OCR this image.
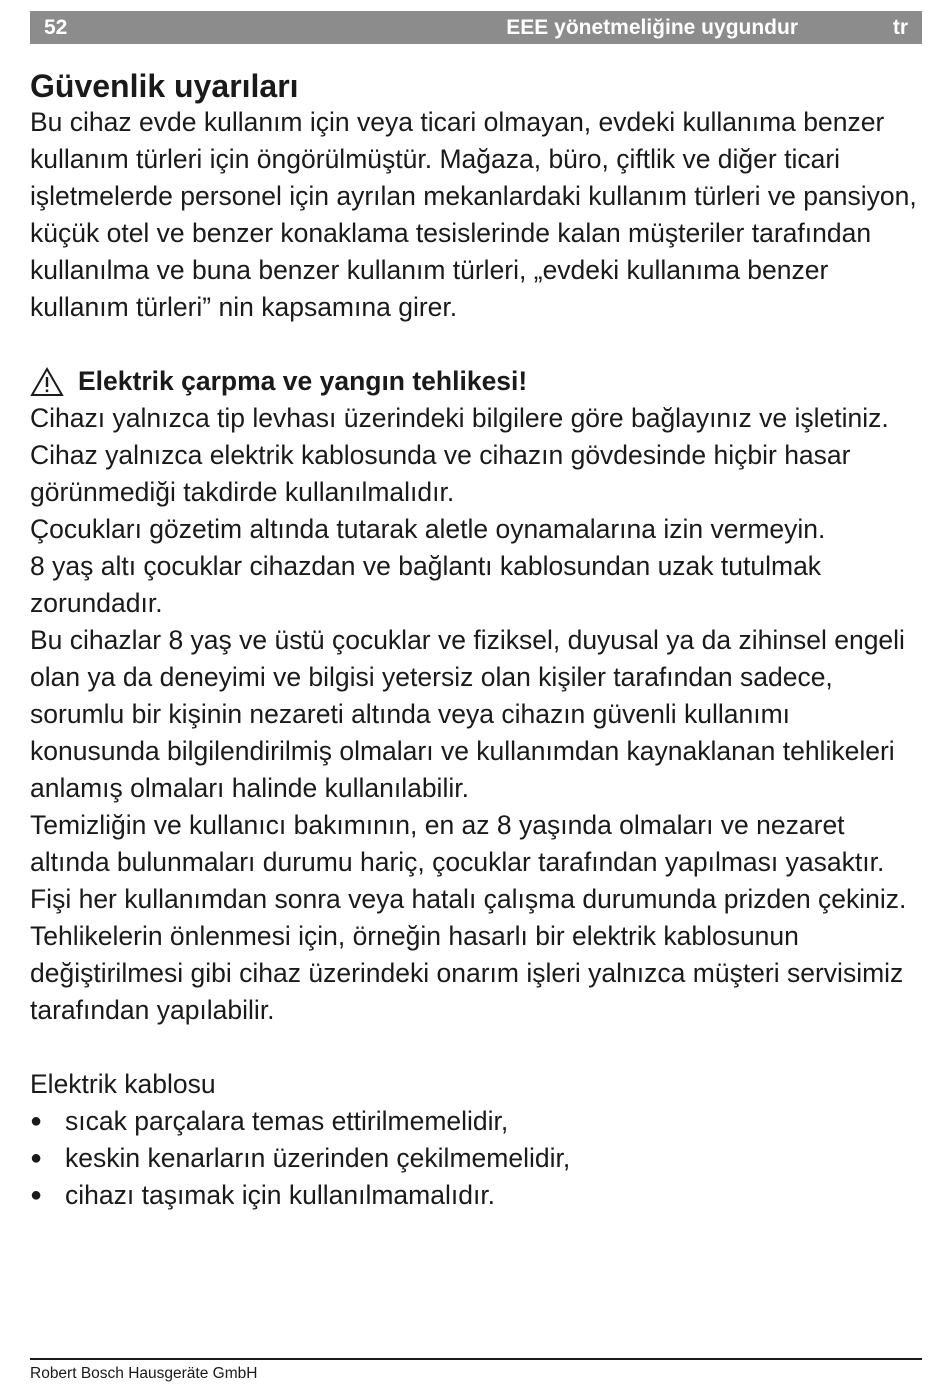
52	EEE yönetmeliğine uygundur	tr
Güvenlik uyarıları

Bu cihaz evde kullanım için veya ticari olmayan, evdeki kullanıma benzer kullanım türleri için öngörülmüştür. Mağaza, büro, çiftlik ve diğer ticari işletmelerde personel için ayrılan mekanlardaki kullanım türleri ve pansiyon, küçük otel ve benzer konaklama tesislerinde kalan müşteriler tarafından kullanılma ve buna benzer kullanım türleri, „evdeki kullanıma benzer kullanım türleri” nin kapsamına girer.

Elektrik çarpma ve yangın tehlikesi!

Cihazı yalnızca tip levhası üzerindeki bilgilere göre bağlayınız ve işletiniz.

Cihaz yalnızca elektrik kablosunda ve cihazın gövdesinde hiçbir hasar görünmediği takdirde kullanılmalıdır.

Çocukları gözetim altında tutarak aletle oynamalarına izin vermeyin.

8 yaş altı çocuklar cihazdan ve bağlantı kablosundan uzak tutulmak zorundadır.

Bu cihazlar 8 yaş ve üstü çocuklar ve fiziksel, duyusal ya da zihinsel engeli olan ya da deneyimi ve bilgisi yetersiz olan kişiler tarafından sadece, sorumlu bir kişinin nezareti altında veya cihazın güvenli kullanımı konusunda bilgilendirilmiş olmaları ve kullanımdan kaynaklanan tehlikeleri anlamış olmaları halinde kullanılabilir.

Temizliğin ve kullanıcı bakımının, en az 8 yaşında olmaları ve nezaret altında bulunmaları durumu hariç, çocuklar tarafından yapılması yasaktır.

Fişi her kullanımdan sonra veya hatalı çalışma durumunda prizden çekiniz.

Tehlikelerin önlenmesi için, örneğin hasarlı bir elektrik kablosunun değiştirilmesi gibi cihaz üzerindeki onarım işleri yalnızca müşteri servisimiz tarafından yapılabilir.

Elektrik kablosu

● sıcak parçalara temas ettirilmemelidir,
● keskin kenarların üzerinden çekilmemelidir,
● cihazı taşımak için kullanılmamalıdır.
Robert Bosch Hausgeräte GmbH
